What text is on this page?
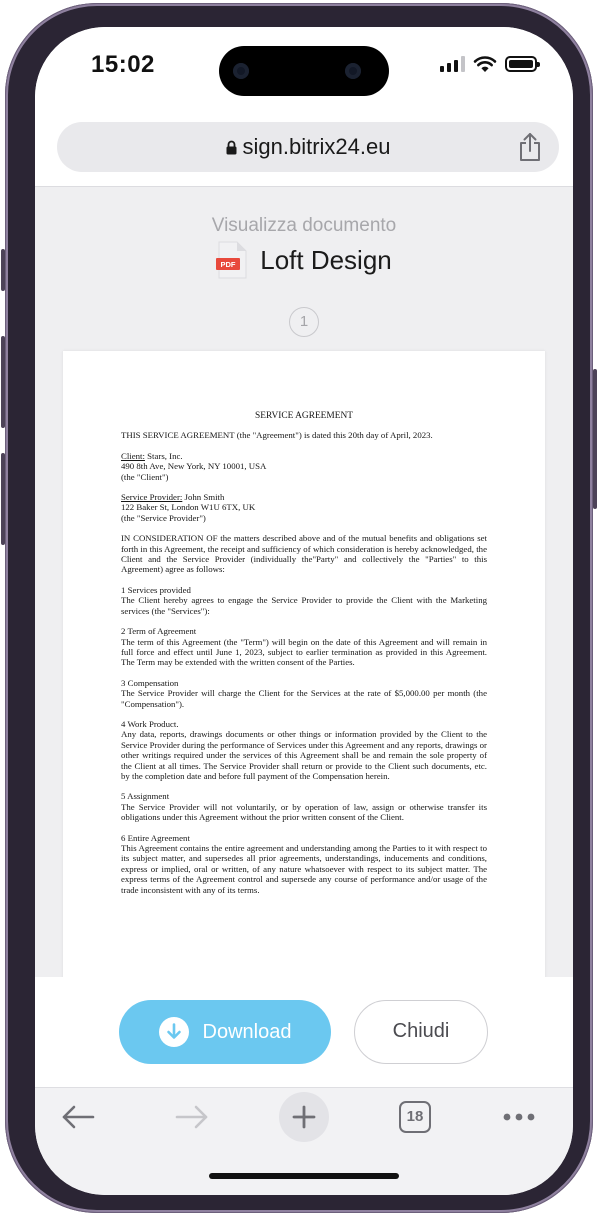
15:02
sign.bitrix24.eu
Visualizza documento
PDF Loft Design
1
SERVICE AGREEMENT

THIS SERVICE AGREEMENT (the "Agreement") is dated this 20th day of April, 2023.

Client: Stars, Inc.
490 8th Ave, New York, NY 10001, USA
(the "Client")

Service Provider: John Smith
122 Baker St, London W1U 6TX, UK
(the "Service Provider")

IN CONSIDERATION OF the matters described above and of the mutual benefits and obligations set forth in this Agreement, the receipt and sufficiency of which consideration is hereby acknowledged, the Client and the Service Provider (individually the"Party" and collectively the "Parties" to this Agreement) agree as follows:

1 Services provided
The Client hereby agrees to engage the Service Provider to provide the Client with the Marketing services (the "Services"):

2 Term of Agreement
The term of this Agreement (the "Term") will begin on the date of this Agreement and will remain in full force and effect until June 1, 2023, subject to earlier termination as provided in this Agreement. The Term may be extended with the written consent of the Parties.

3 Compensation
The Service Provider will charge the Client for the Services at the rate of $5,000.00 per month (the "Compensation").

4 Work Product.
Any data, reports, drawings documents or other things or information provided by the Client to the Service Provider during the performance of Services under this Agreement and any reports, drawings or other writings required under the services of this Agreement shall be and remain the sole property of the Client at all times. The Service Provider shall return or provide to the Client such documents, etc. by the completion date and before full payment of the Compensation herein.

5 Assignment
The Service Provider will not voluntarily, or by operation of law, assign or otherwise transfer its obligations under this Agreement without the prior written consent of the Client.

6 Entire Agreement
This Agreement contains the entire agreement and understanding among the Parties to it with respect to its subject matter, and supersedes all prior agreements, understandings, inducements and conditions, express or implied, oral or written, of any nature whatsoever with respect to its subject matter. The express terms of the Agreement control and supersede any course of performance and/or usage of the trade inconsistent with any of its terms.

Download	Chiudi
18
